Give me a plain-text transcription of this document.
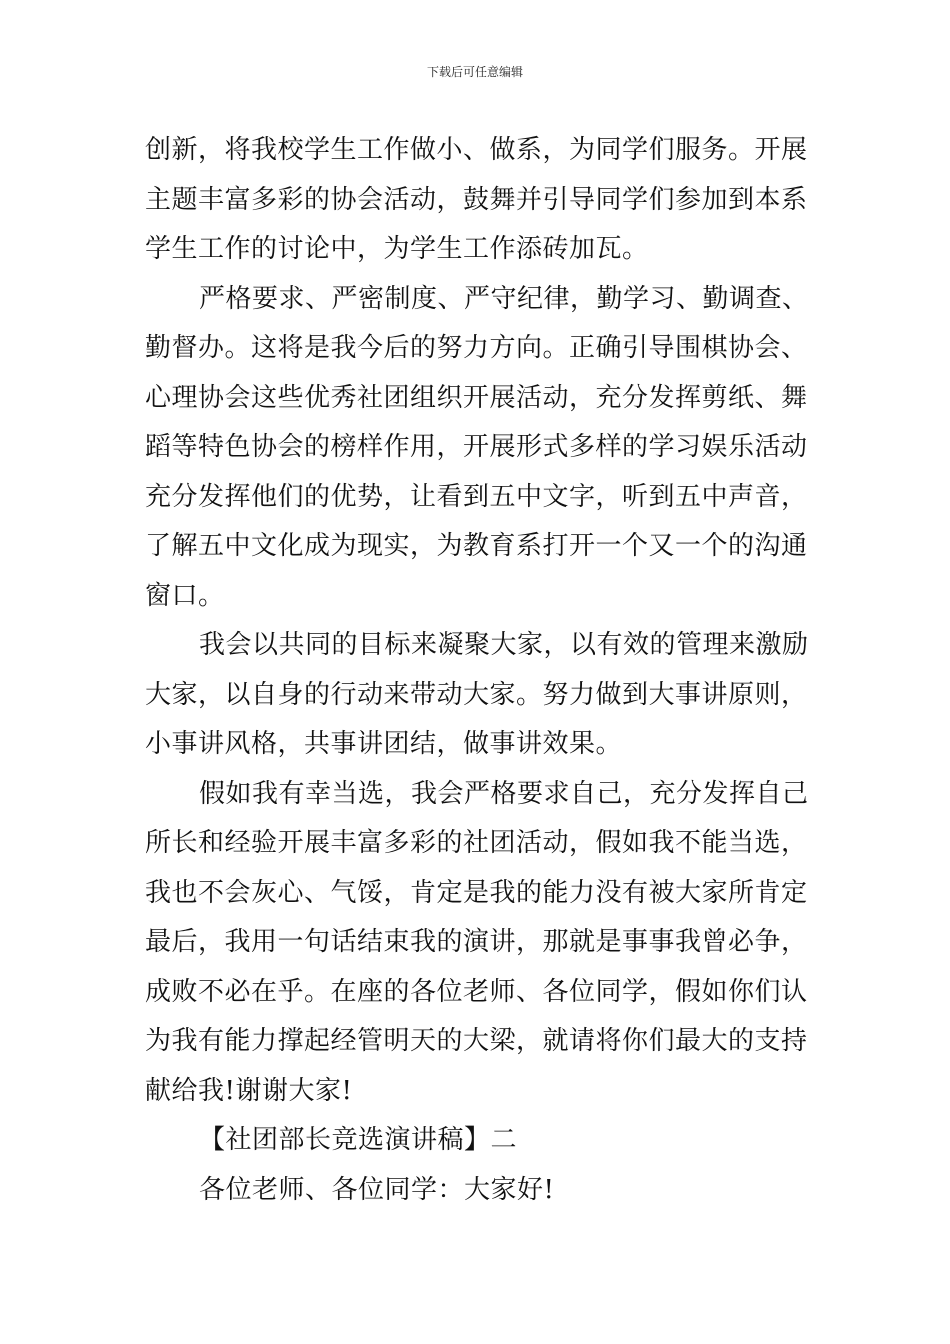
下载后可任意编辑
创新，将我校学生工作做小、做系，为同学们服务。开展
主题丰富多彩的协会活动，鼓舞并引导同学们参加到本系
学生工作的讨论中，为学生工作添砖加瓦。
严格要求、严密制度、严守纪律，勤学习、勤调查、
勤督办。这将是我今后的努力方向。正确引导围棋协会、
心理协会这些优秀社团组织开展活动，充分发挥剪纸、舞
蹈等特色协会的榜样作用，开展形式多样的学习娱乐活动
充分发挥他们的优势，让看到五中文字，听到五中声音，
了解五中文化成为现实，为教育系打开一个又一个的沟通
窗口。
我会以共同的目标来凝聚大家，以有效的管理来激励
大家，以自身的行动来带动大家。努力做到大事讲原则，
小事讲风格，共事讲团结，做事讲效果。
假如我有幸当选，我会严格要求自己，充分发挥自己
所长和经验开展丰富多彩的社团活动，假如我不能当选，
我也不会灰心、气馁，肯定是我的能力没有被大家所肯定
最后，我用一句话结束我的演讲，那就是事事我曾必争，
成败不必在乎。在座的各位老师、各位同学，假如你们认
为我有能力撑起经管明天的大梁，就请将你们最大的支持
献给我!谢谢大家!
【社团部长竞选演讲稿】二
各位老师、各位同学：大家好!
